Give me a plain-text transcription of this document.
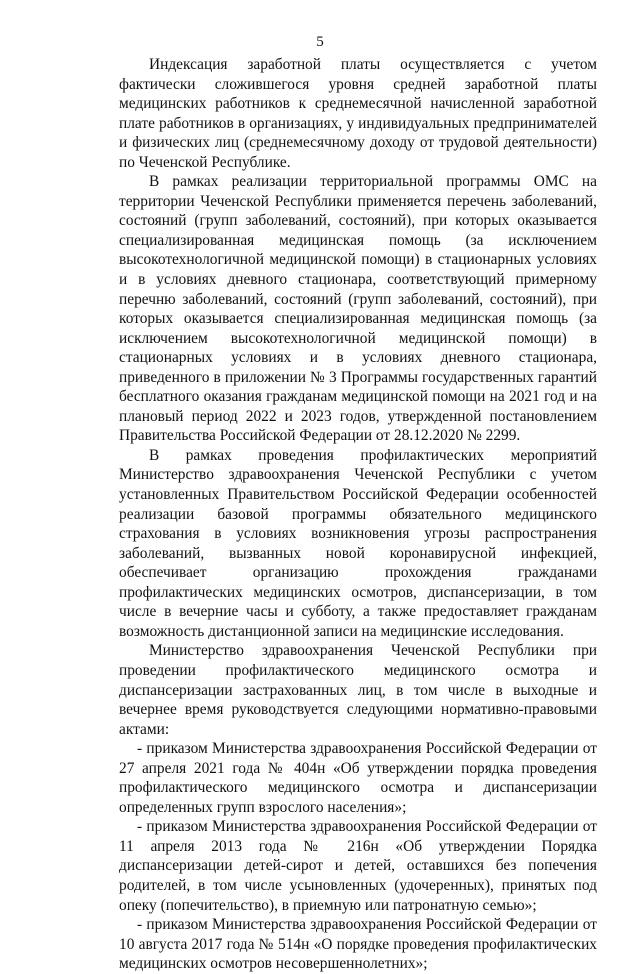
5

Индексация заработной платы осуществляется с учетом фактически сложившегося уровня средней заработной платы медицинских работников к среднемесячной начисленной заработной плате работников в организациях, у индивидуальных предпринимателей и физических лиц (среднемесячному доходу от трудовой деятельности) по Чеченской Республике.

В рамках реализации территориальной программы ОМС на территории Чеченской Республики применяется перечень заболеваний, состояний (групп заболеваний, состояний), при которых оказывается специализированная медицинская помощь (за исключением высокотехнологичной медицинской помощи) в стационарных условиях и в условиях дневного стационара, соответствующий примерному перечню заболеваний, состояний (групп заболеваний, состояний), при которых оказывается специализированная медицинская помощь (за исключением высокотехнологичной медицинской помощи) в стационарных условиях и в условиях дневного стационара, приведенного в приложении № 3 Программы государственных гарантий бесплатного оказания гражданам медицинской помощи на 2021 год и на плановый период 2022 и 2023 годов, утвержденной постановлением Правительства Российской Федерации от 28.12.2020 № 2299.

В рамках проведения профилактических мероприятий Министерство здравоохранения Чеченской Республики с учетом установленных Правительством Российской Федерации особенностей реализации базовой программы обязательного медицинского страхования в условиях возникновения угрозы распространения заболеваний, вызванных новой коронавирусной инфекцией, обеспечивает организацию прохождения гражданами профилактических медицинских осмотров, диспансеризации, в том числе в вечерние часы и субботу, а также предоставляет гражданам возможность дистанционной записи на медицинские исследования.

Министерство здравоохранения Чеченской Республики при проведении профилактического медицинского осмотра и диспансеризации застрахованных лиц, в том числе в выходные и вечернее время руководствуется следующими нормативно-правовыми актами:

- приказом Министерства здравоохранения Российской Федерации от 27 апреля 2021 года № 404н «Об утверждении порядка проведения профилактического медицинского осмотра и диспансеризации определенных групп взрослого населения»;

- приказом Министерства здравоохранения Российской Федерации от 11 апреля 2013 года № 216н «Об утверждении Порядка диспансеризации детей-сирот и детей, оставшихся без попечения родителей, в том числе усыновленных (удочеренных), принятых под опеку (попечительство), в приемную или патронатную семью»;

- приказом Министерства здравоохранения Российской Федерации от 10 августа 2017 года № 514н «О порядке проведения профилактических медицинских осмотров несовершеннолетних»;
